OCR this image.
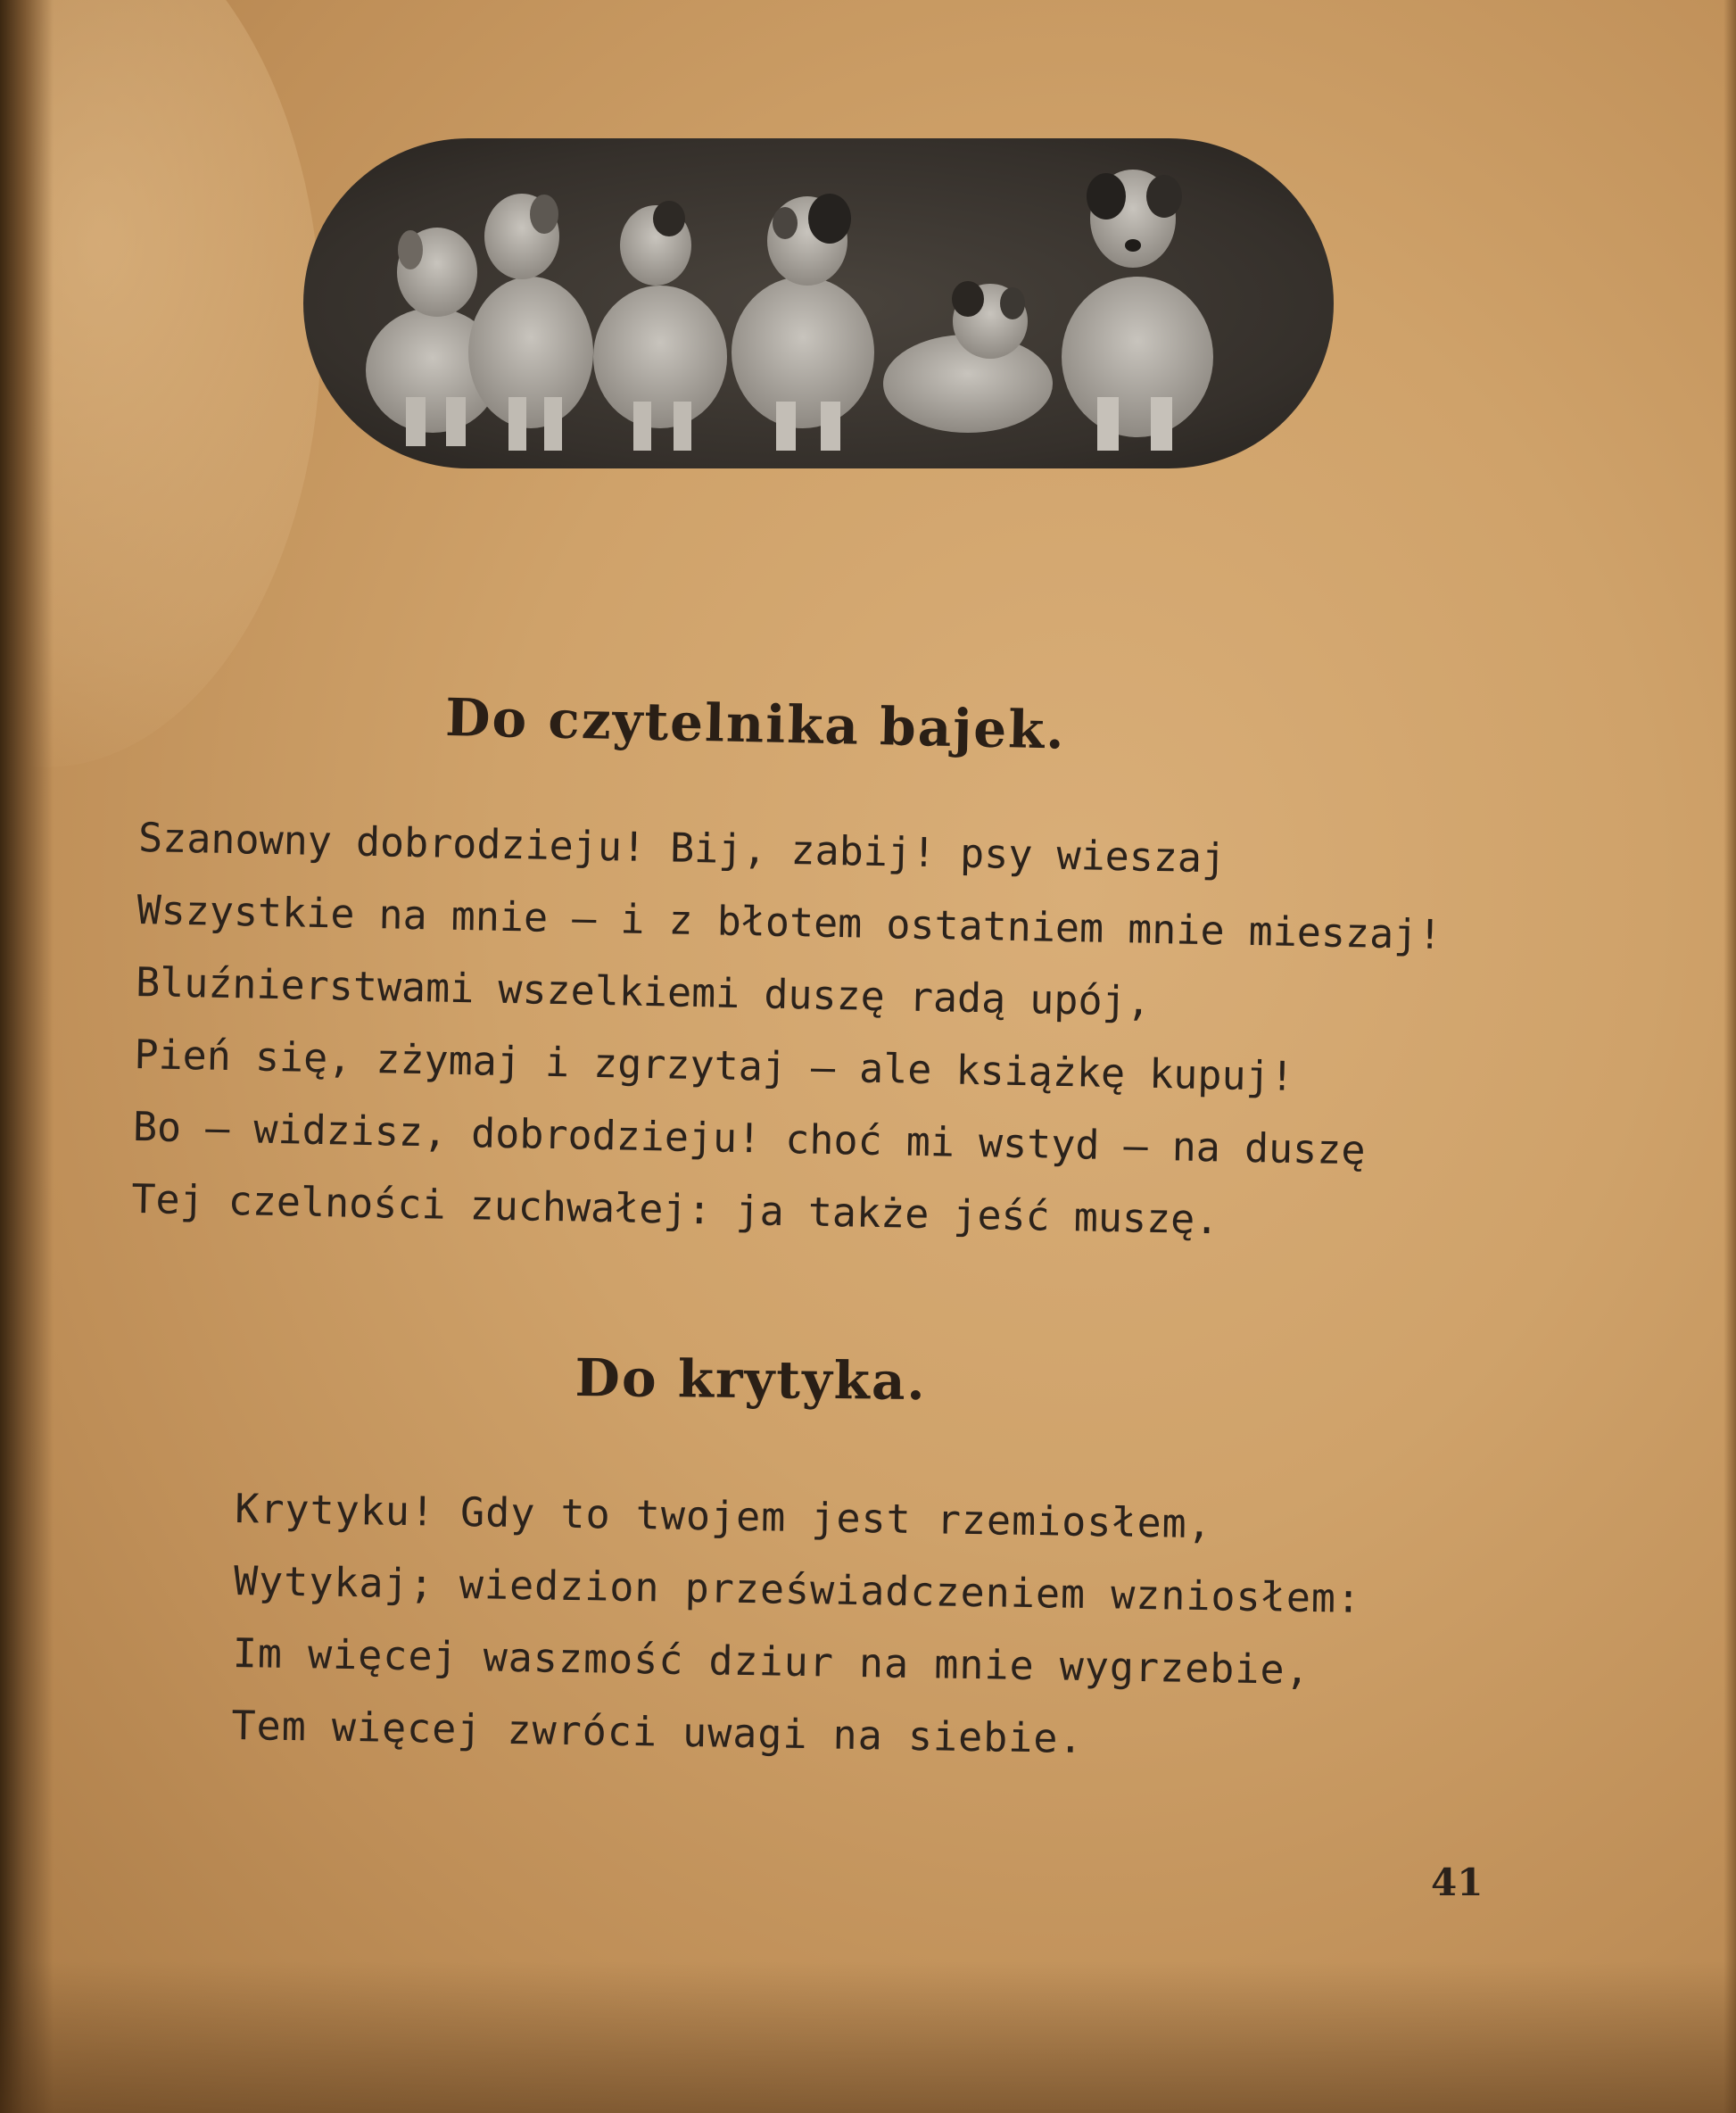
Do czytelnika bajek.
Szanowny dobrodzieju! Bij, zabij! psy wieszaj
Wszystkie na mnie — i z błotem ostatniem mnie mieszaj!
Bluźnierstwami wszelkiemi duszę radą upój,
Pień się, zżymaj i zgrzytaj — ale książkę kupuj!
Bo — widzisz, dobrodzieju! choć mi wstyd — na duszę
Tej czelności zuchwałej: ja także jeść muszę.
Do krytyka.
Krytyku! Gdy to twojem jest rzemiosłem,
Wytykaj; wiedzion przeświadczeniem wzniosłem:
Im więcej waszmość dziur na mnie wygrzebie,
Tem więcej zwróci uwagi na siebie.
41
